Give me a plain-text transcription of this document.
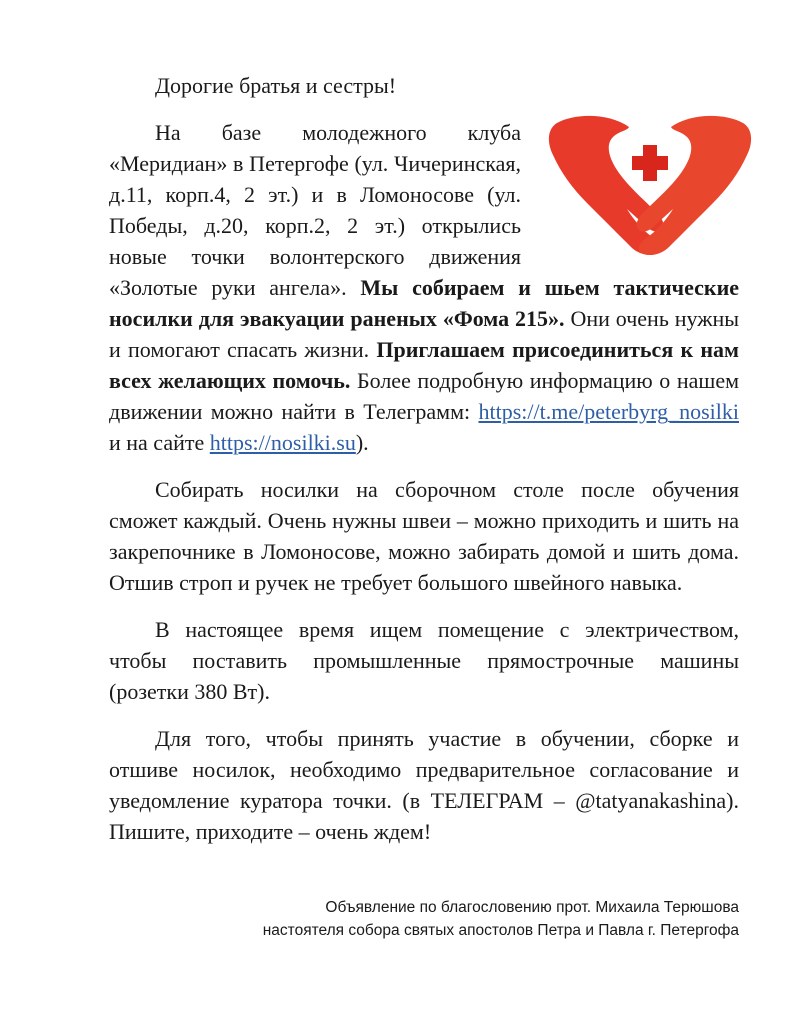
Дорогие братья и сестры!

На базе молодежного клуба «Меридиан» в Петергофе (ул. Чичеринская, д.11, корп.4, 2 эт.) и в Ломоносове (ул. Победы, д.20, корп.2, 2 эт.) открылись новые точки волонтерского движения «Золотые руки ангела». Мы собираем и шьем тактические носилки для эвакуации раненых «Фома 215». Они очень нужны и помогают спасать жизни. Приглашаем присоединиться к нам всех желающих помочь. Более подробную информацию о нашем движении можно найти в Телеграмм: https://t.me/peterbyrg_nosilki и на сайте https://nosilki.su).

Собирать носилки на сборочном столе после обучения сможет каждый. Очень нужны швеи – можно приходить и шить на закрепочнике в Ломоносове, можно забирать домой и шить дома. Отшив строп и ручек не требует большого швейного навыка.

В настоящее время ищем помещение с электричеством, чтобы поставить промышленные прямострочные машины (розетки 380 Вт).

Для того, чтобы принять участие в обучении, сборке и отшиве носилок, необходимо предварительное согласование и уведомление куратора точки. (в ТЕЛЕГРАМ – @tatyanakashina). Пишите, приходите – очень ждем!

Объявление по благословению прот. Михаила Терюшова
настоятеля собора святых апостолов Петра и Павла г. Петергофа
